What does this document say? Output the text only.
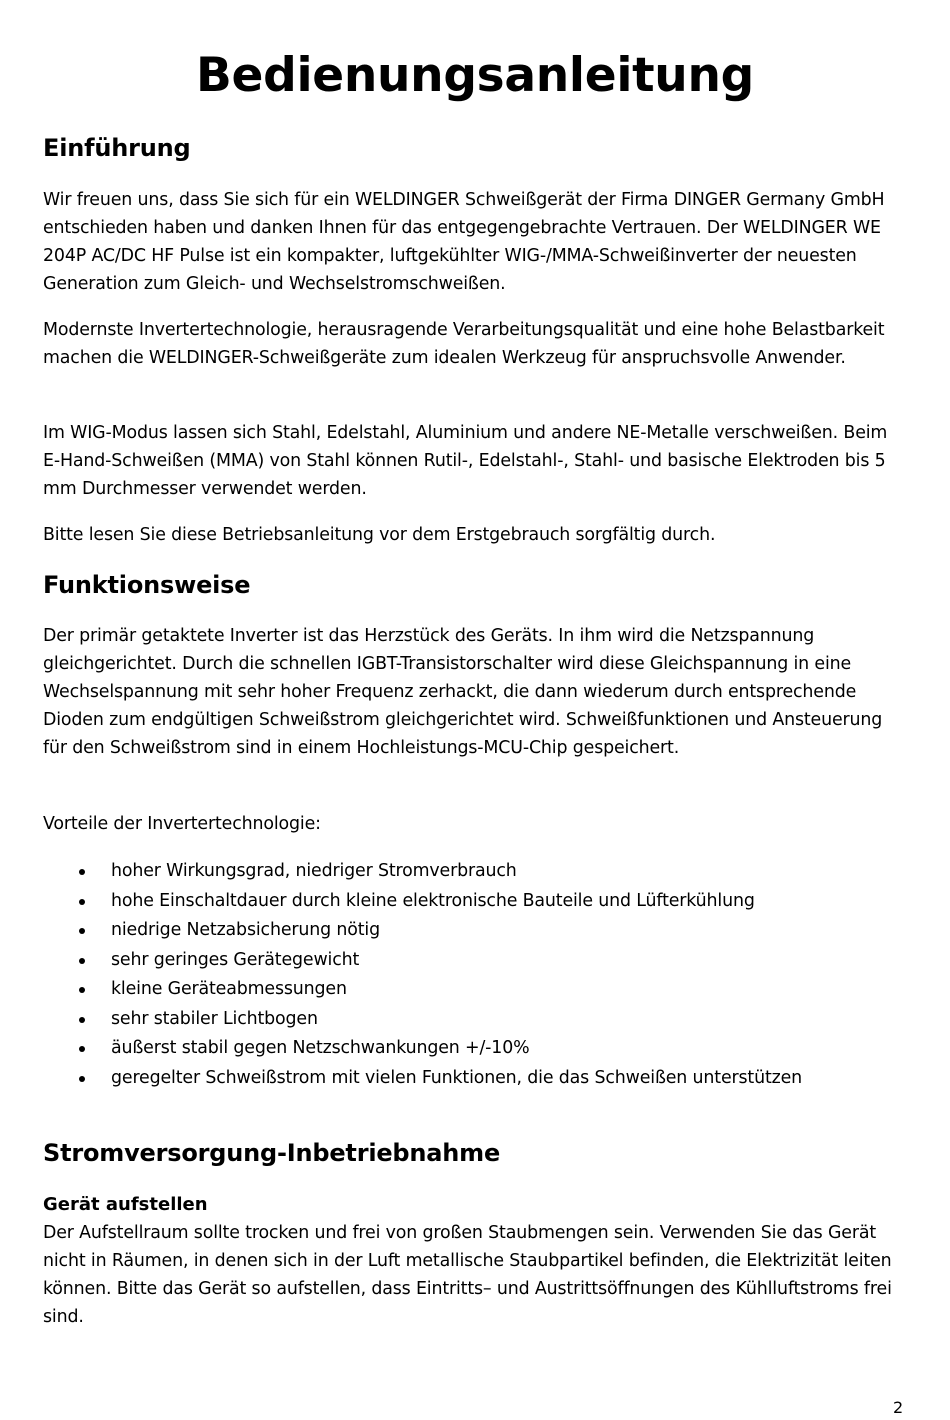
Bedienungsanleitung
Einführung

Wir freuen uns, dass Sie sich für ein WELDINGER Schweißgerät der Firma DINGER Germany GmbH entschieden haben und danken Ihnen für das entgegengebrachte Vertrauen. Der WELDINGER WE 204P AC/DC HF Pulse ist ein kompakter, luftgekühlter WIG-/MMA-Schweißinverter der neuesten Generation zum Gleich- und Wechselstromschweißen.

Modernste Invertertechnologie, herausragende Verarbeitungsqualität und eine hohe Belastbarkeit machen die WELDINGER-Schweißgeräte zum idealen Werkzeug für anspruchsvolle Anwender.

Im WIG-Modus lassen sich Stahl, Edelstahl, Aluminium und andere NE-Metalle verschweißen. Beim E-Hand-Schweißen (MMA) von Stahl können Rutil-, Edelstahl-, Stahl- und basische Elektroden bis 5 mm Durchmesser verwendet werden.

Bitte lesen Sie diese Betriebsanleitung vor dem Erstgebrauch sorgfältig durch.

Funktionsweise

Der primär getaktete Inverter ist das Herzstück des Geräts. In ihm wird die Netzspannung gleichgerichtet. Durch die schnellen IGBT-Transistorschalter wird diese Gleichspannung in eine Wechselspannung mit sehr hoher Frequenz zerhackt, die dann wiederum durch entsprechende Dioden zum endgültigen Schweißstrom gleichgerichtet wird. Schweißfunktionen und Ansteuerung für den Schweißstrom sind in einem Hochleistungs-MCU-Chip gespeichert.

Vorteile der Invertertechnologie:

hoher Wirkungsgrad, niedriger Stromverbrauch
hohe Einschaltdauer durch kleine elektronische Bauteile und Lüfterkühlung
niedrige Netzabsicherung nötig
sehr geringes Gerätegewicht
kleine Geräteabmessungen
sehr stabiler Lichtbogen
äußerst stabil gegen Netzschwankungen +/-10%
geregelter Schweißstrom mit vielen Funktionen, die das Schweißen unterstützen
Stromversorgung-Inbetriebnahme
Gerät aufstellen

Der Aufstellraum sollte trocken und frei von großen Staubmengen sein. Verwenden Sie das Gerät nicht in Räumen, in denen sich in der Luft metallische Staubpartikel befinden, die Elektrizität leiten können. Bitte das Gerät so aufstellen, dass Eintritts– und Austrittsöffnungen des Kühlluftstroms frei sind.

2
